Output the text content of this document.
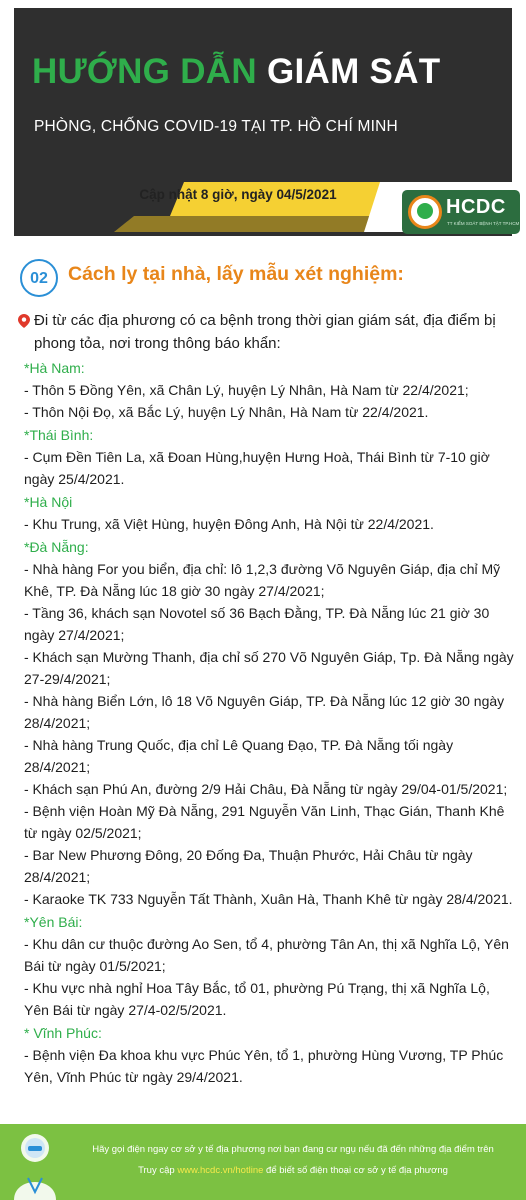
HƯỚNG DẪN GIÁM SÁT
PHÒNG, CHỐNG COVID-19 TẠI TP. HỒ CHÍ MINH
HCDC
TT KIỂM SOÁT BỆNH TẬT TP.HCM
Cập nhật 8 giờ, ngày 04/5/2021
02	Cách ly tại nhà, lấy mẫu xét nghiệm:
Đi từ các địa phương có ca bệnh trong thời gian giám sát, địa điểm bị phong tỏa, nơi trong thông báo khẩn:
*Hà Nam:
- Thôn 5 Đồng Yên, xã Chân Lý, huyện Lý Nhân, Hà Nam từ 22/4/2021;
- Thôn Nội Đọ, xã Bắc Lý, huyện Lý Nhân, Hà Nam từ 22/4/2021.
*Thái Bình:
- Cụm Đền Tiên La, xã Đoan Hùng,huyện Hưng Hoà, Thái Bình từ 7-10 giờ ngày 25/4/2021.
*Hà Nội
- Khu Trung, xã Việt Hùng, huyện Đông Anh, Hà Nội từ 22/4/2021.
*Đà Nẵng:
- Nhà hàng For you biển, địa chỉ: lô 1,2,3 đường Võ Nguyên Giáp, địa chỉ Mỹ Khê, TP. Đà Nẵng lúc 18 giờ 30 ngày 27/4/2021;
- Tầng 36, khách sạn Novotel số 36 Bạch Đằng, TP. Đà Nẵng lúc 21 giờ 30 ngày 27/4/2021;
- Khách sạn Mường Thanh, địa chỉ số 270 Võ Nguyên Giáp, Tp. Đà Nẵng ngày 27-29/4/2021;
- Nhà hàng Biển Lớn, lô 18 Võ Nguyên Giáp, TP. Đà Nẵng lúc 12 giờ 30 ngày 28/4/2021;
- Nhà hàng Trung Quốc, địa chỉ Lê Quang Đạo, TP. Đà Nẵng tối ngày 28/4/2021;
- Khách sạn Phú An, đường 2/9 Hải Châu, Đà Nẵng từ ngày 29/04-01/5/2021;
- Bệnh viện Hoàn Mỹ Đà Nẵng, 291 Nguyễn Văn Linh, Thạc Gián, Thanh Khê từ ngày 02/5/2021;
- Bar New Phương Đông, 20 Đống Đa, Thuận Phước, Hải Châu từ ngày 28/4/2021;
- Karaoke TK 733 Nguyễn Tất Thành, Xuân Hà, Thanh Khê từ ngày 28/4/2021.
*Yên Bái:
- Khu dân cư thuộc đường Ao Sen, tổ 4, phường Tân An, thị xã Nghĩa Lộ, Yên Bái từ ngày 01/5/2021;
- Khu vực nhà nghỉ Hoa Tây Bắc, tổ 01, phường Pú Trạng, thị xã Nghĩa Lộ, Yên Bái từ ngày 27/4-02/5/2021.
* Vĩnh Phúc:
- Bệnh viện Đa khoa khu vực Phúc Yên, tổ 1, phường Hùng Vương, TP Phúc Yên, Vĩnh Phúc từ ngày 29/4/2021.
Hãy gọi điện ngay cơ sở y tế địa phương nơi bạn đang cư ngụ nếu đã đến những địa điểm trên
Truy cập www.hcdc.vn/hotline để biết số điện thoại cơ sở y tế địa phương
